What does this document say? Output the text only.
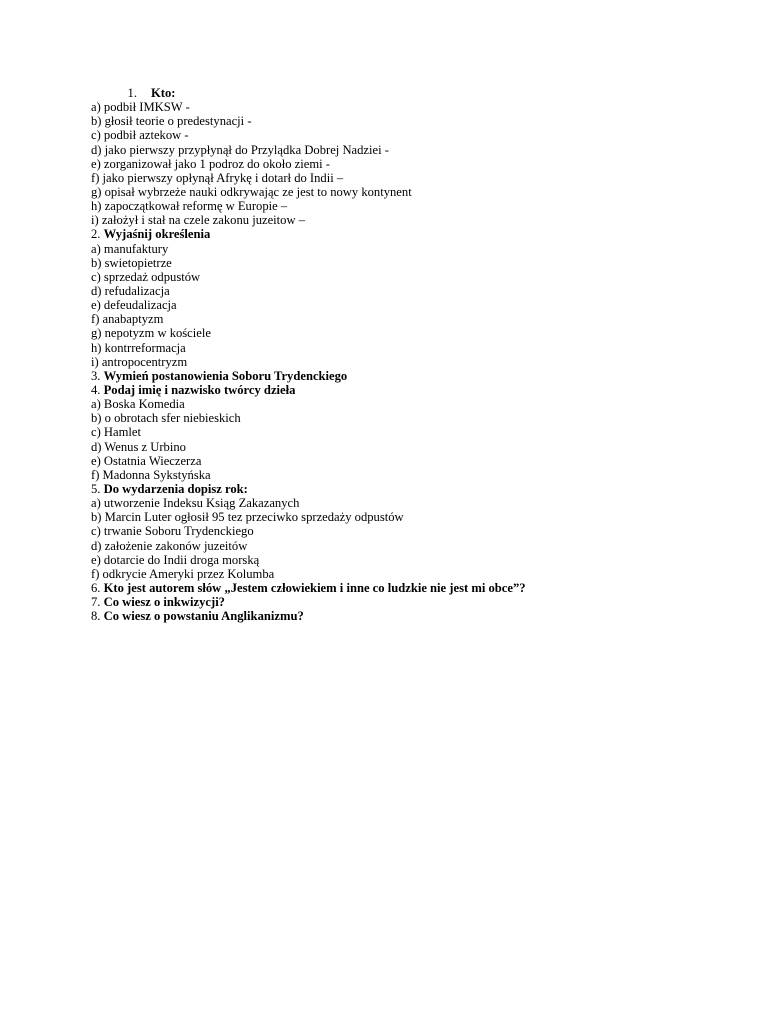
1. Kto:
a) podbił IMKSW -
b) głosił teorie o predestynacji -
c) podbił aztekow -
d) jako pierwszy przypłynął do Przylądka Dobrej Nadziei -
e) zorganizował jako 1 podroz do około ziemi -
f) jako pierwszy opłynął Afrykę i dotarł do Indii –
g) opisał wybrzeże nauki odkrywając ze jest to nowy kontynent
h) zapoczątkował reformę w Europie –
i) założył i stał na czele zakonu juzeitow –
2. Wyjaśnij określenia
a) manufaktury
b) swietopietrze
c) sprzedaż odpustów
d) refudalizacja
e) defeudalizacja
f) anabaptyzm
g) nepotyzm w kościele
h) kontrreformacja
i) antropocentryzm
3. Wymień postanowienia Soboru Trydenckiego
4. Podaj imię i nazwisko twórcy dzieła
a) Boska Komedia
b) o obrotach sfer niebieskich
c) Hamlet
d) Wenus z Urbino
e) Ostatnia Wieczerza
f) Madonna Sykstyńska
5. Do wydarzenia dopisz rok:
a) utworzenie Indeksu Ksiąg Zakazanych
b) Marcin Luter ogłosił 95 tez przeciwko sprzedaży odpustów
c) trwanie Soboru Trydenckiego
d) założenie zakonów juzeitów
e) dotarcie do Indii droga morską
f) odkrycie Ameryki przez Kolumba
6. Kto jest autorem słów „Jestem człowiekiem i inne co ludzkie nie jest mi obce”?
7. Co wiesz o inkwizycji?
8. Co wiesz o powstaniu Anglikanizmu?
